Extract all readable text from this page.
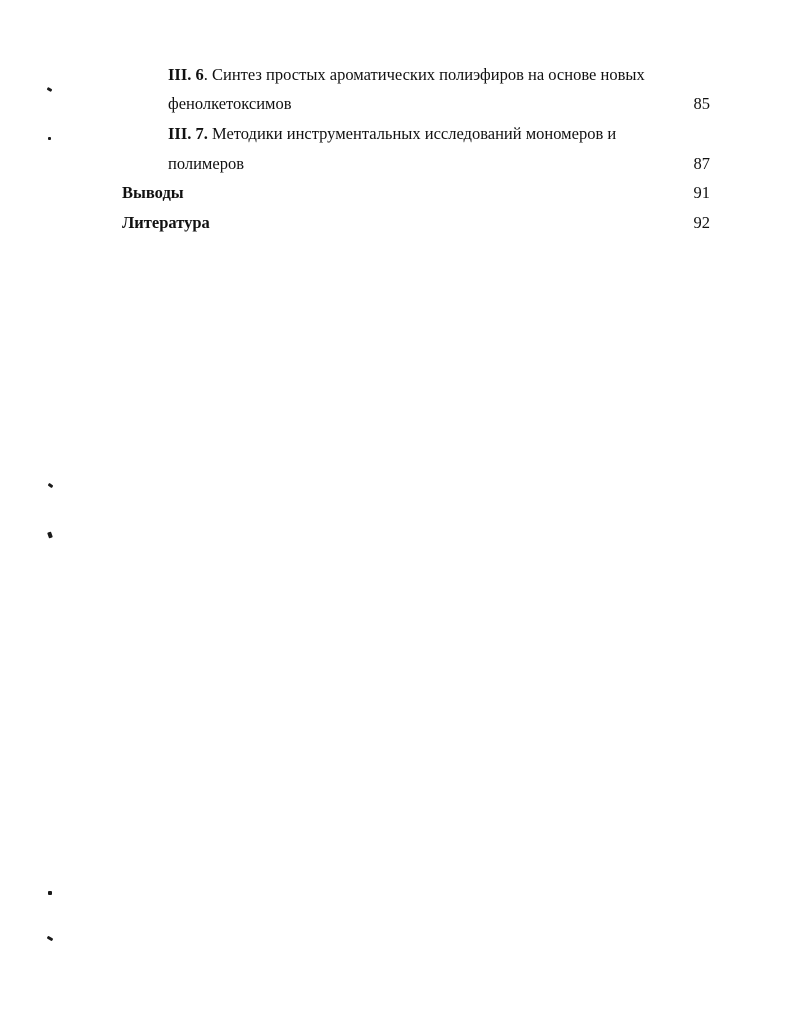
III. 6. Синтез простых ароматических полиэфиров на основе новых
фенолкетоксимов	85
III. 7. Методики инструментальных исследований мономеров и
полимеров	87
Выводы	91
Литература	92
